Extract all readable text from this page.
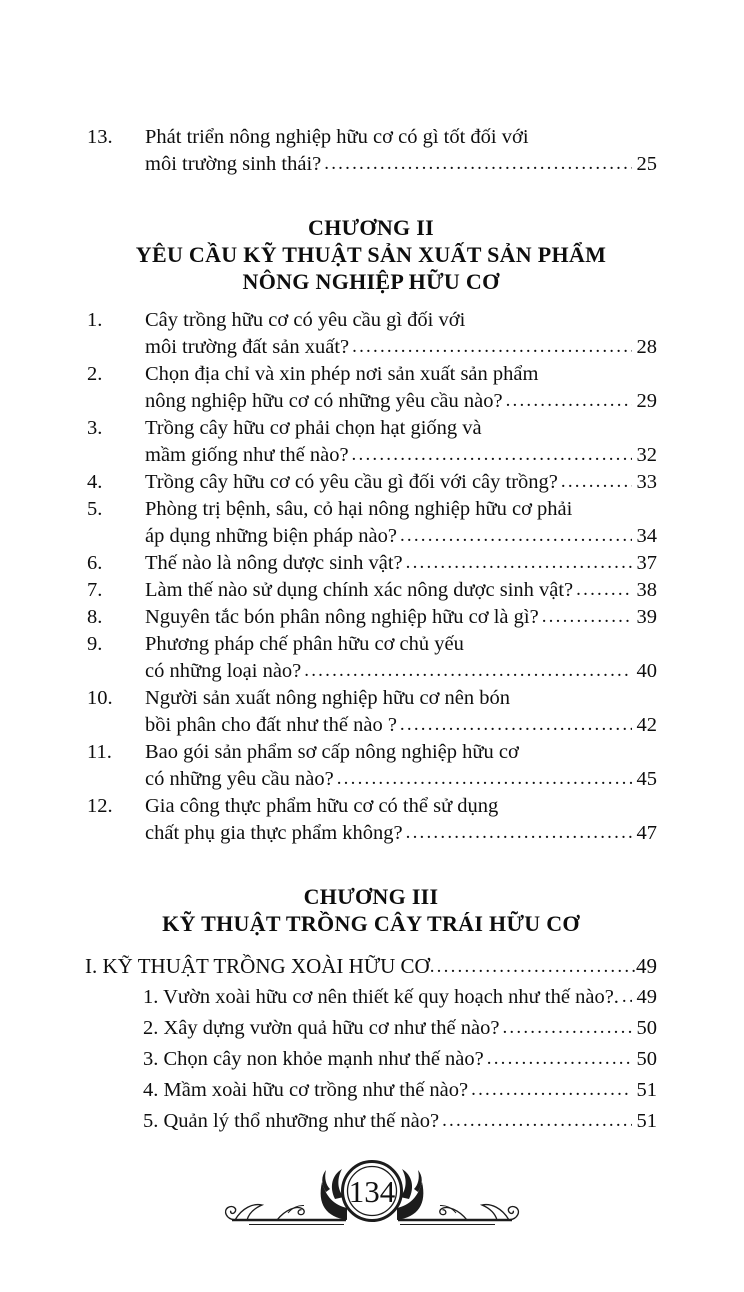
13. Phát triển nông nghiệp hữu cơ có gì tốt đối với
môi trường sinh thái? .....	25
CHƯƠNG II
YÊU CẦU KỸ THUẬT SẢN XUẤT SẢN PHẨM
NÔNG NGHIỆP HỮU CƠ
1. Cây trồng hữu cơ có yêu cầu gì đối với
môi trường đất sản xuất? .....	28
2. Chọn địa chỉ và xin phép nơi sản xuất sản phẩm
nông nghiệp hữu cơ có những yêu cầu nào? .....	29
3. Trồng cây hữu cơ phải chọn hạt giống và
mầm giống như thế nào? .....	32
4. Trồng cây hữu cơ có yêu cầu gì đối với cây trồng? .....	33
5. Phòng trị bệnh, sâu, cỏ hại nông nghiệp hữu cơ phải
áp dụng những biện pháp nào? .....	34
6. Thế nào là nông dược sinh vật? .....	37
7. Làm thế nào sử dụng chính xác nông dược sinh vật? .....	38
8. Nguyên tắc bón phân nông nghiệp hữu cơ là gì? .....	39
9. Phương pháp chế phân hữu cơ chủ yếu
có những loại nào? .....	40
10. Người sản xuất nông nghiệp hữu cơ nên bón
bồi phân cho đất như thế nào ? .....	42
11. Bao gói sản phẩm sơ cấp nông nghiệp hữu cơ
có những yêu cầu nào? .....	45
12. Gia công thực phẩm hữu cơ có thể sử dụng
chất phụ gia thực phẩm không? .....	47
CHƯƠNG III
KỸ THUẬT TRỒNG CÂY TRÁI HỮU CƠ
I. KỸ THUẬT TRỒNG XOÀI HỮU CƠ .....	49
1. Vườn xoài hữu cơ nên thiết kế quy hoạch như thế nào?. ..... 49
2. Xây dựng vườn quả hữu cơ như thế nào? .....	50
3. Chọn cây non khỏe mạnh như thế nào? .....	50
4. Mầm xoài hữu cơ trồng như thế nào? .....	51
5. Quản lý thổ nhưỡng như thế nào? .....	51
134
